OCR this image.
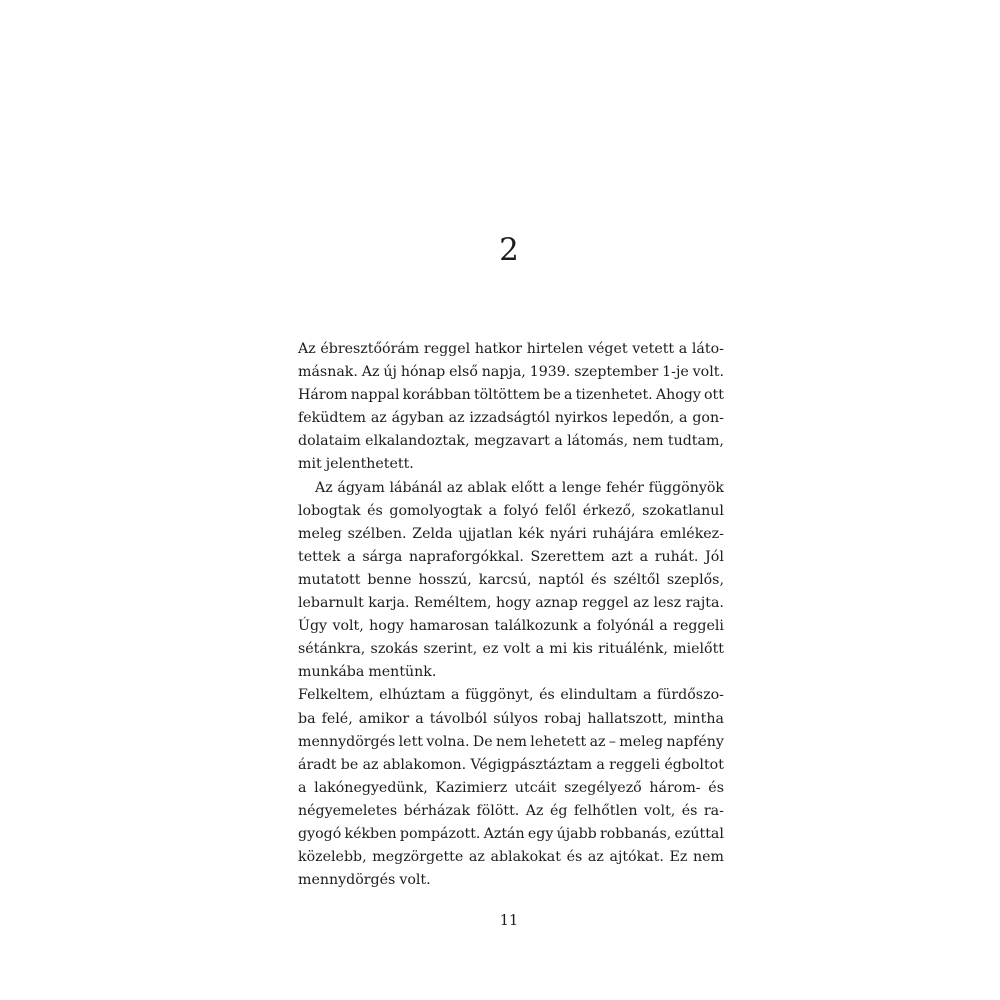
2
Az ébresztőórám reggel hatkor hirtelen véget vetett a láto-
másnak. Az új hónap első napja, 1939. szeptember 1-je volt.
Három nappal korábban töltöttem be a tizenhetet. Ahogy ott
feküdtem az ágyban az izzadságtól nyirkos lepedőn, a gon-
dolataim elkalandoztak, megzavart a látomás, nem tudtam,
mit jelenthetett.
Az ágyam lábánál az ablak előtt a lenge fehér függönyök
lobogtak és gomolyogtak a folyó felől érkező, szokatlanul
meleg szélben. Zelda ujjatlan kék nyári ruhájára emlékez-
tettek a sárga napraforgókkal. Szerettem azt a ruhát. Jól
mutatott benne hosszú, karcsú, naptól és széltől szeplős,
lebarnult karja. Reméltem, hogy aznap reggel az lesz rajta.
Úgy volt, hogy hamarosan találkozunk a folyónál a reggeli
sétánkra, szokás szerint, ez volt a mi kis rituálénk, mielőtt
munkába mentünk.
Felkeltem, elhúztam a függönyt, és elindultam a fürdőszo-
ba felé, amikor a távolból súlyos robaj hallatszott, mintha
mennydörgés lett volna. De nem lehetett az – meleg napfény
áradt be az ablakomon. Végigpásztáztam a reggeli égboltot
a lakónegyedünk, Kazimierz utcáit szegélyező három- és
négyemeletes bérházak fölött. Az ég felhőtlen volt, és ra-
gyogó kékben pompázott. Aztán egy újabb robbanás, ezúttal
közelebb, megzörgette az ablakokat és az ajtókat. Ez nem
mennydörgés volt.
11
